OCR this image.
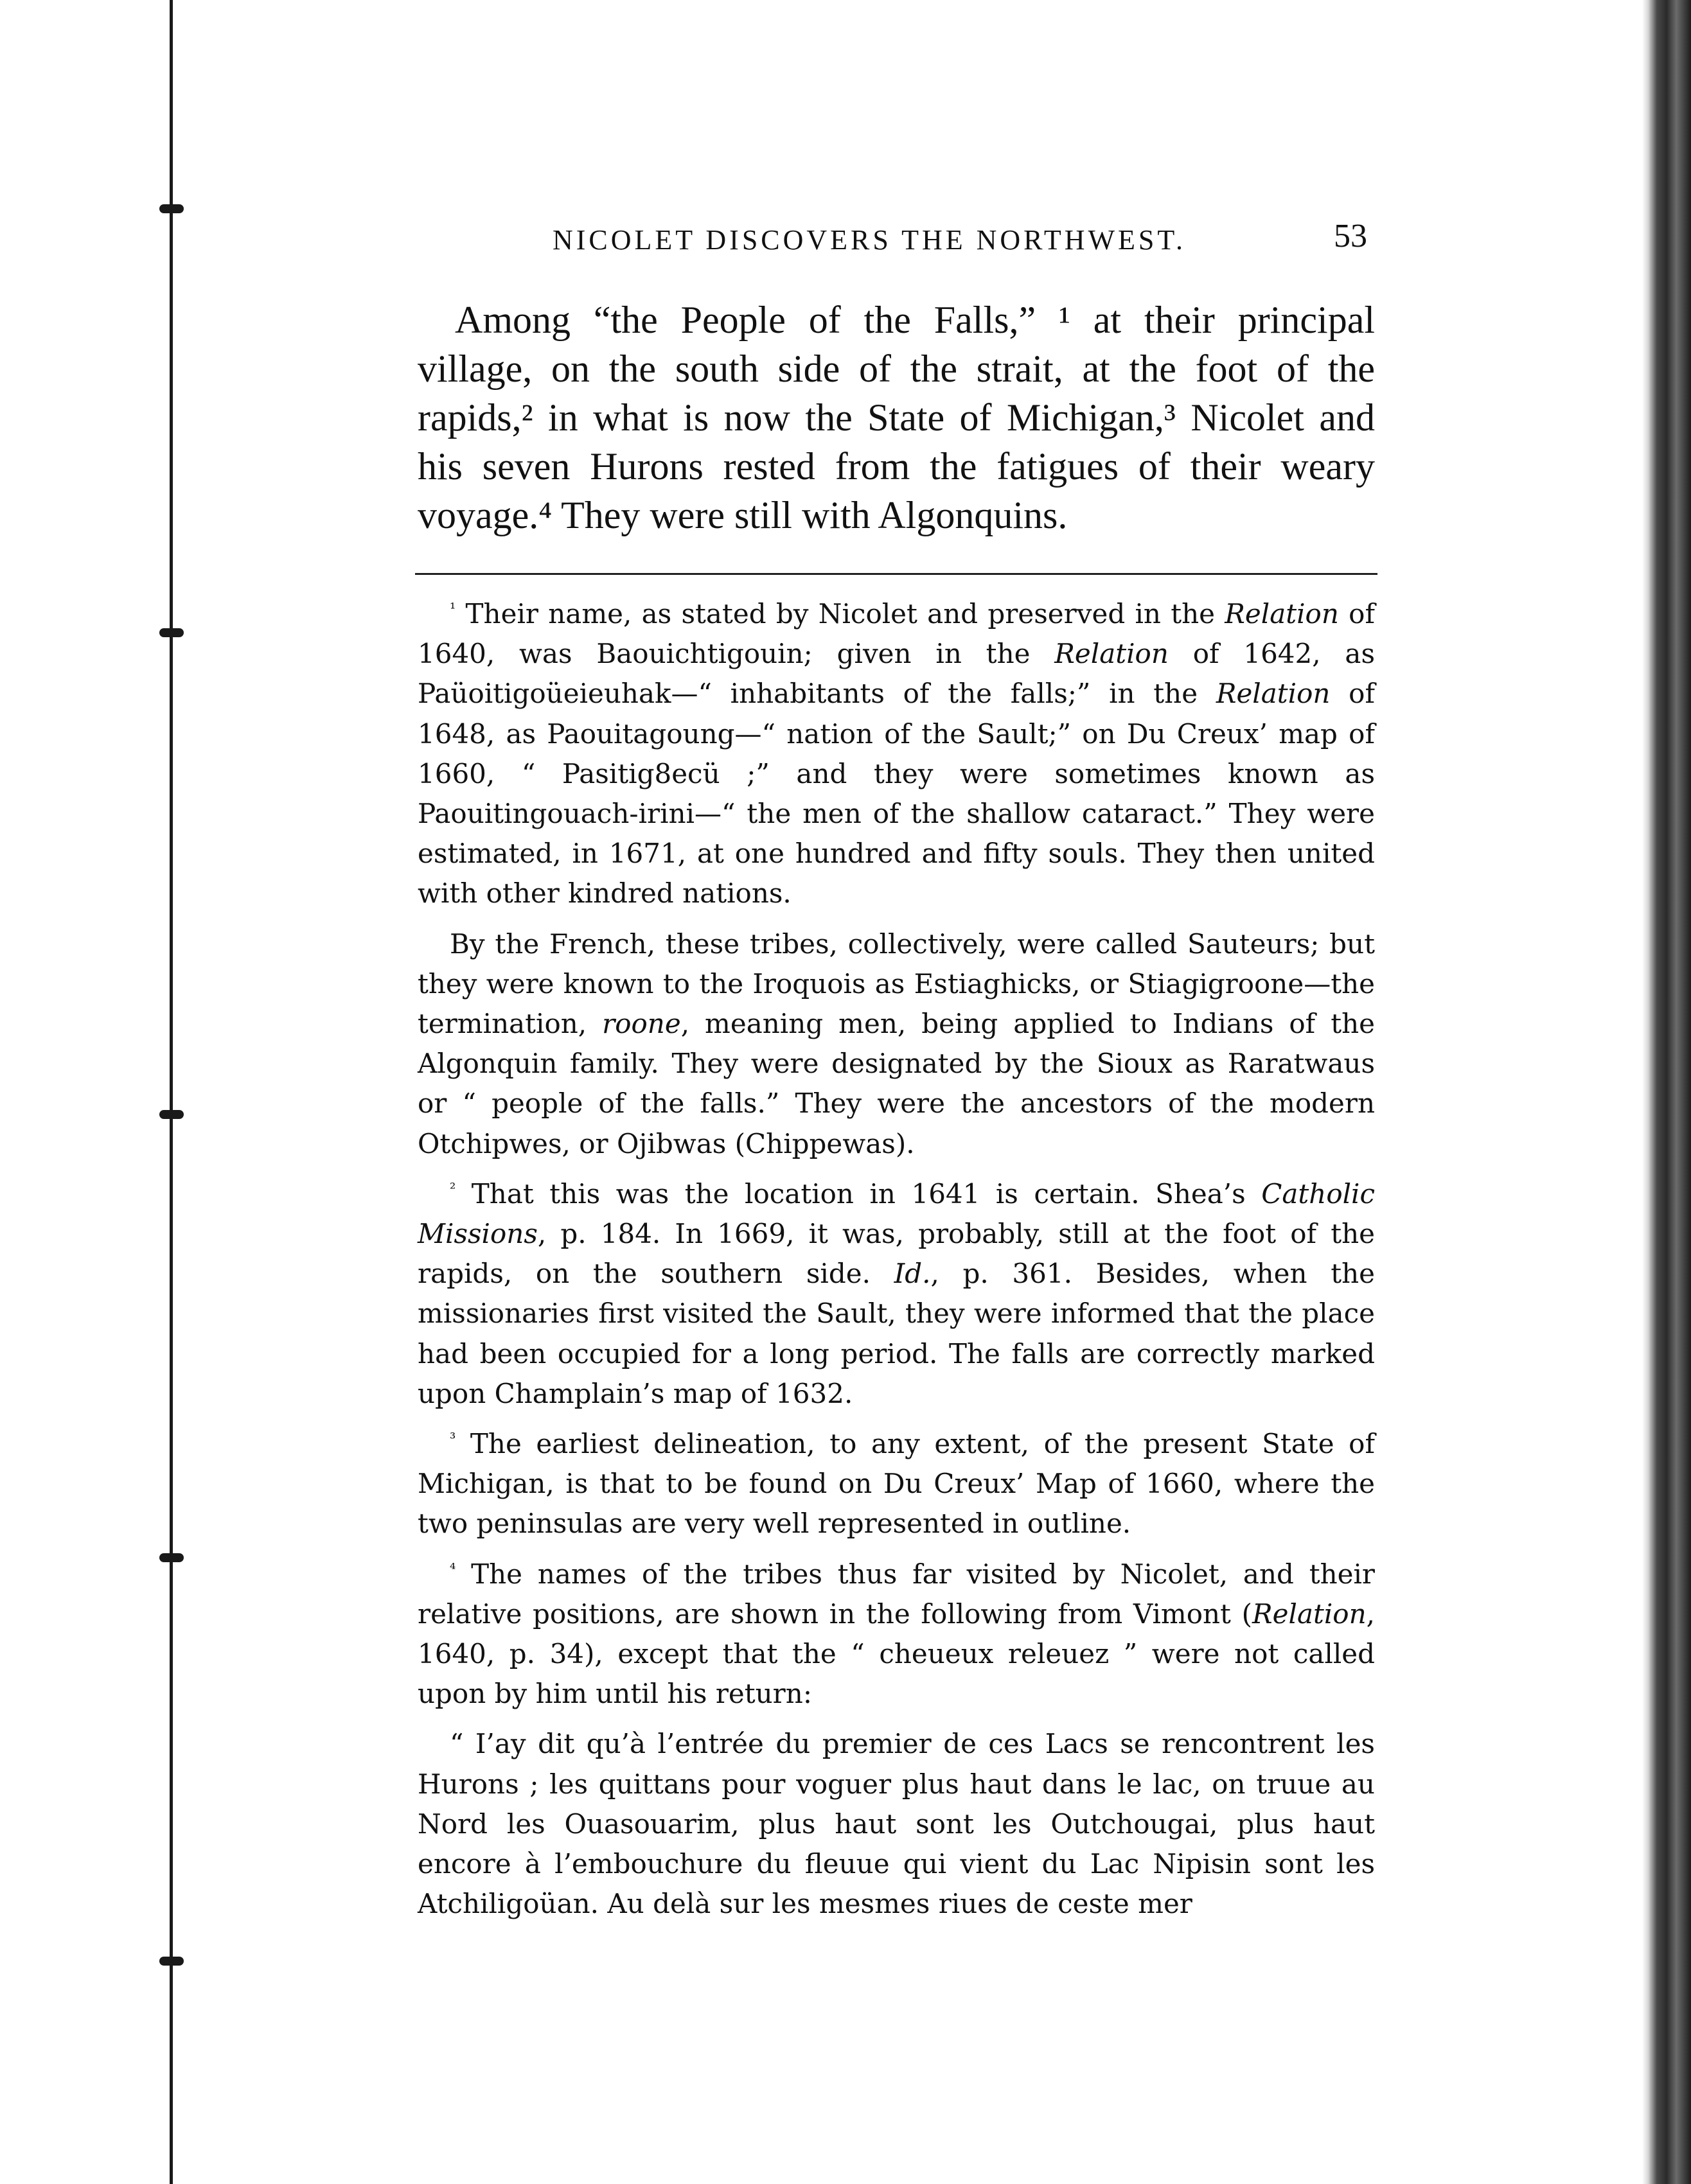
NICOLET DISCOVERS THE NORTHWEST.	53

Among “the People of the Falls,” ¹ at their principal village, on the south side of the strait, at the foot of the rapids,² in what is now the State of Michigan,³ Nicolet and his seven Hurons rested from the fatigues of their weary voyage.⁴ They were still with Algonquins.

$^{^1}$ Their name, as stated by Nicolet and preserved in the Relation of 1640, was Baouichtigouin; given in the Relation of 1642, as Paüoitigoüeieuhak—“ inhabitants of the falls;” in the Relation of 1648, as Paouitagoung—“ nation of the Sault;” on Du Creux’ map of 1660, “ Pasitig8ecü ;” and they were sometimes known as Paouitingouach-irini—“ the men of the shallow cataract.” They were estimated, in 1671, at one hundred and fifty souls. They then united with other kindred nations.

By the French, these tribes, collectively, were called Sauteurs; but they were known to the Iroquois as Estiaghicks, or Stiagigroone—the termination, roone, meaning men, being applied to Indians of the Algonquin family. They were designated by the Sioux as Raratwaus or “ people of the falls.” They were the ancestors of the modern Otchipwes, or Ojibwas (Chippewas).

$^{^2}$ That this was the location in 1641 is certain. Shea’s Catholic Missions, p. 184. In 1669, it was, probably, still at the foot of the rapids, on the southern side. Id., p. 361. Besides, when the missionaries first visited the Sault, they were informed that the place had been occupied for a long period. The falls are correctly marked upon Champlain’s map of 1632.

$^{^3}$ The earliest delineation, to any extent, of the present State of Michigan, is that to be found on Du Creux’ Map of 1660, where the two peninsulas are very well represented in outline.

$^{^4}$ The names of the tribes thus far visited by Nicolet, and their relative positions, are shown in the following from Vimont (Relation, 1640, p. 34), except that the “ cheueux releuez ” were not called upon by him until his return:

“ I’ay dit qu’à l’entrée du premier de ces Lacs se rencontrent les Hurons ; les quittans pour voguer plus haut dans le lac, on truue au Nord les Ouasouarim, plus haut sont les Outchougai, plus haut encore à l’embouchure du fleuue qui vient du Lac Nipisin sont les Atchiligoüan. Au delà sur les mesmes riues de ceste mer
